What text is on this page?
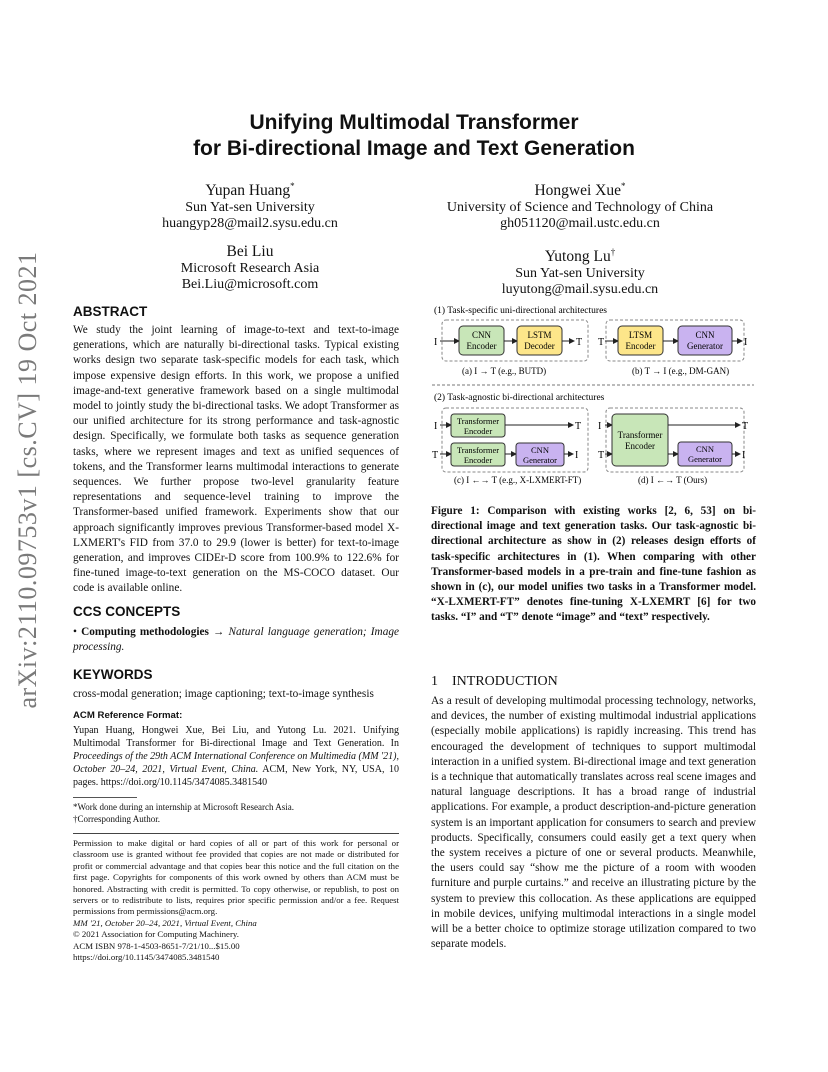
arXiv:2110.09753v1 [cs.CV] 19 Oct 2021
Unifying Multimodal Transformer
for Bi-directional Image and Text Generation
Yupan Huang*
Sun Yat-sen University
huangyp28@mail2.sysu.edu.cn
Hongwei Xue*
University of Science and Technology of China
gh051120@mail.ustc.edu.cn
Bei Liu
Microsoft Research Asia
Bei.Liu@microsoft.com
Yutong Lu†
Sun Yat-sen University
luyutong@mail.sysu.edu.cn
ABSTRACT
We study the joint learning of image-to-text and text-to-image generations, which are naturally bi-directional tasks. Typical existing works design two separate task-specific models for each task, which impose expensive design efforts. In this work, we propose a unified image-and-text generative framework based on a single multimodal model to jointly study the bi-directional tasks. We adopt Transformer as our unified architecture for its strong performance and task-agnostic design. Specifically, we formulate both tasks as sequence generation tasks, where we represent images and text as unified sequences of tokens, and the Transformer learns multimodal interactions to generate sequences. We further propose two-level granularity feature representations and sequence-level training to improve the Transformer-based unified framework. Experiments show that our approach significantly improves previous Transformer-based model X-LXMERT's FID from 37.0 to 29.9 (lower is better) for text-to-image generation, and improves CIDEr-D score from 100.9% to 122.6% for fine-tuned image-to-text generation on the MS-COCO dataset. Our code is available online.
CCS CONCEPTS
• Computing methodologies → Natural language generation; Image processing.
KEYWORDS
cross-modal generation; image captioning; text-to-image synthesis
ACM Reference Format:
Yupan Huang, Hongwei Xue, Bei Liu, and Yutong Lu. 2021. Unifying Multimodal Transformer for Bi-directional Image and Text Generation. In Proceedings of the 29th ACM International Conference on Multimedia (MM '21), October 20–24, 2021, Virtual Event, China. ACM, New York, NY, USA, 10 pages. https://doi.org/10.1145/3474085.3481540
*Work done during an internship at Microsoft Research Asia.
†Corresponding Author.
Permission to make digital or hard copies of all or part of this work for personal or classroom use is granted without fee provided that copies are not made or distributed for profit or commercial advantage and that copies bear this notice and the full citation on the first page. Copyrights for components of this work owned by others than ACM must be honored. Abstracting with credit is permitted. To copy otherwise, or republish, to post on servers or to redistribute to lists, requires prior specific permission and/or a fee. Request permissions from permissions@acm.org.
MM '21, October 20–24, 2021, Virtual Event, China
© 2021 Association for Computing Machinery.
ACM ISBN 978-1-4503-8651-7/21/10...$15.00
https://doi.org/10.1145/3474085.3481540
(1) Task-specific uni-directional architectures
I
CNN
Encoder
LSTM
Decoder T
(a) I → T (e.g., BUTD)
T
LTSM
Encoder
CNN
Generator I
(b) T → I (e.g., DM-GAN)
(2) Task-agnostic bi-directional architectures
I Transformer
Encoder	T
T Transformer
Encoder
CNN
Generator I
(c) I ←→ T (e.g., X-LXMERT-FT)
I
T
Transformer
Encoder
T
CNN
Generator I
(d) I ←→ T (Ours)
Figure 1: Comparison with existing works [2, 6, 53] on bi-directional image and text generation tasks. Our task-agnostic bi-directional architecture as show in (2) releases design efforts of task-specific architectures in (1). When comparing with other Transformer-based models in a pre-train and fine-tune fashion as shown in (c), our model unifies two tasks in a Transformer model. “X-LXMERT-FT” denotes fine-tuning X-LXEMRT [6] for two tasks. “I” and “T” denote “image” and “text” respectively.
1 INTRODUCTION
As a result of developing multimodal processing technology, networks, and devices, the number of existing multimodal industrial applications (especially mobile applications) is rapidly increasing. This trend has encouraged the development of techniques to support multimodal interaction in a unified system. Bi-directional image and text generation is a technique that automatically translates across real scene images and natural language descriptions. It has a broad range of industrial applications. For example, a product description-and-picture generation system is an important application for consumers to search and preview products. Specifically, consumers could easily get a text query when the system receives a picture of one or several products. Meanwhile, the users could say “show me the picture of a room with wooden furniture and purple curtains.” and receive an illustrating picture by the system to preview this collocation. As these applications are equipped in mobile devices, unifying multimodal interactions in a single model will be a better choice to optimize storage utilization compared to two separate models.
